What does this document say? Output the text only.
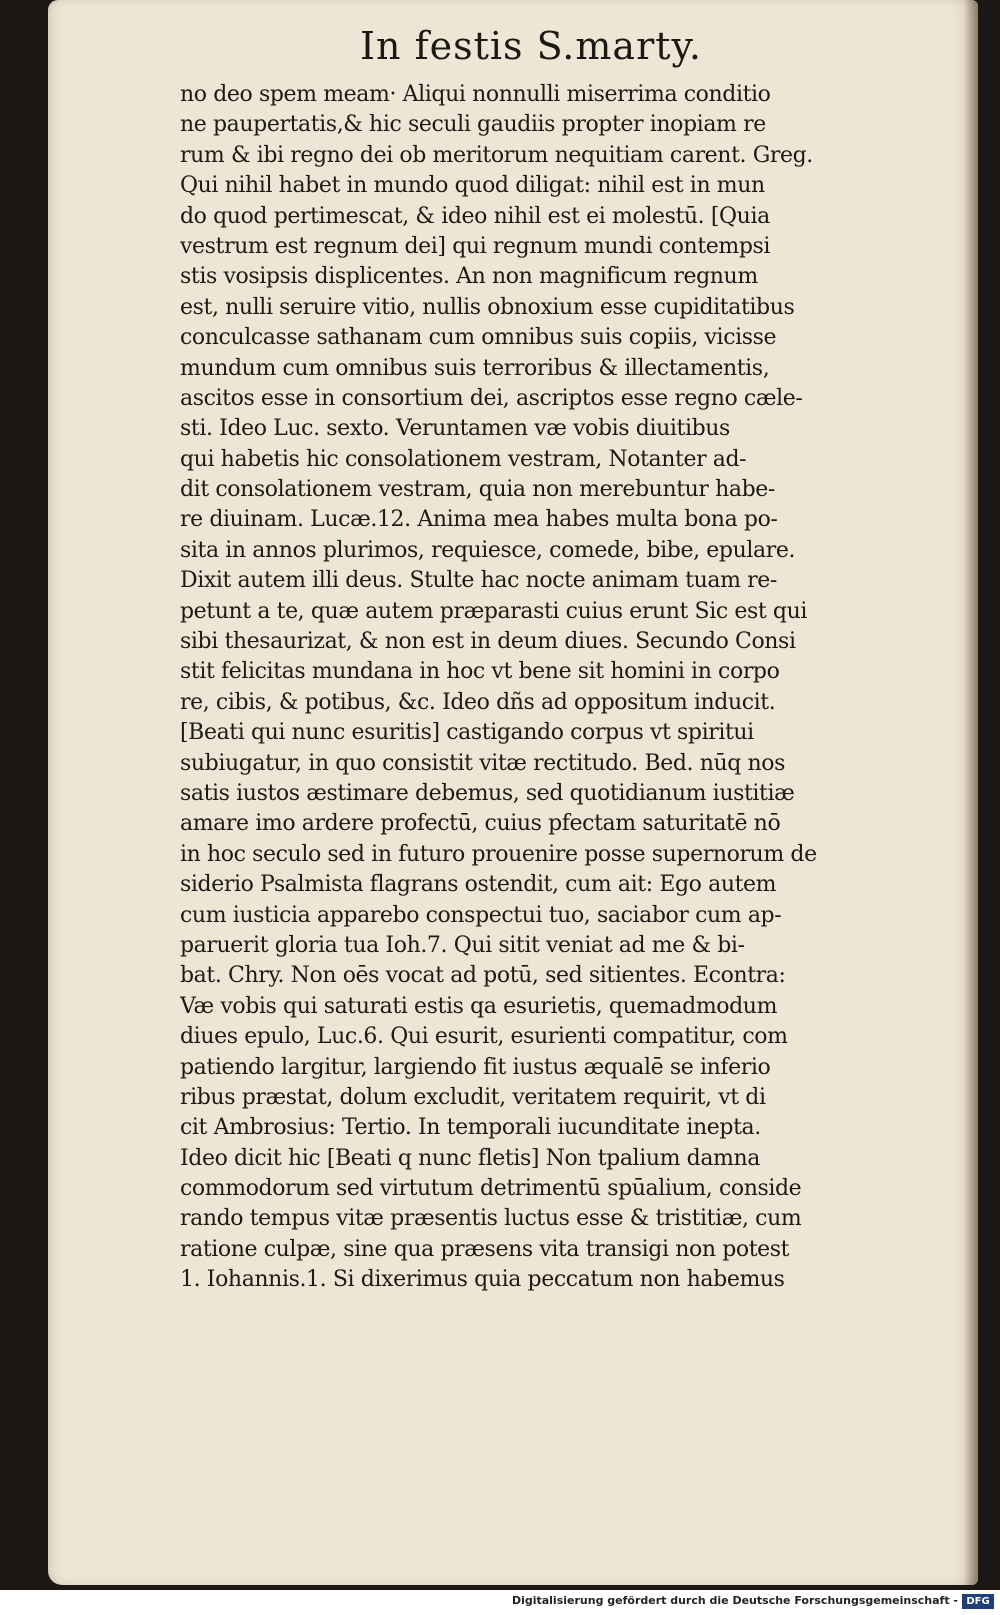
In festis S.marty.
no deo spem meam· Aliqui nonnulli miserrima conditio
ne paupertatis,& hic seculi gaudiis propter inopiam re
rum & ibi regno dei ob meritorum nequitiam carent. Greg.
Qui nihil habet in mundo quod diligat: nihil est in mun
do quod pertimescat, & ideo nihil est ei molestū. [Quia
vestrum est regnum dei] qui regnum mundi contempsi
stis vosipsis displicentes. An non magnificum regnum
est, nulli seruire vitio, nullis obnoxium esse cupiditatibus
conculcasse sathanam cum omnibus suis copiis, vicisse
mundum cum omnibus suis terroribus & illectamentis,
ascitos esse in consortium dei, ascriptos esse regno cæle-
sti. Ideo Luc. sexto. Veruntamen væ vobis diuitibus
qui habetis hic consolationem vestram, Notanter ad-
dit consolationem vestram, quia non merebuntur habe-
re diuinam. Lucæ.12. Anima mea habes multa bona po-
sita in annos plurimos, requiesce, comede, bibe, epulare.
Dixit autem illi deus. Stulte hac nocte animam tuam re-
petunt a te, quæ autem præparasti cuius erunt Sic est qui
sibi thesaurizat, & non est in deum diues. Secundo Consi
stit felicitas mundana in hoc vt bene sit homini in corpo
re, cibis, & potibus, &c. Ideo dñs ad oppositum inducit.
[Beati qui nunc esuritis] castigando corpus vt spiritui
subiugatur, in quo consistit vitæ rectitudo. Bed. nūq nos
satis iustos æstimare debemus, sed quotidianum iustitiæ
amare imo ardere profectū, cuius pfectam saturitatē nō
in hoc seculo sed in futuro prouenire posse supernorum de
siderio Psalmista flagrans ostendit, cum ait: Ego autem
cum iusticia apparebo conspectui tuo, saciabor cum ap-
paruerit gloria tua Ioh.7. Qui sitit veniat ad me & bi-
bat. Chry. Non oēs vocat ad potū, sed sitientes. Econtra:
Væ vobis qui saturati estis qa esurietis, quemadmodum
diues epulo, Luc.6. Qui esurit, esurienti compatitur, com
patiendo largitur, largiendo fit iustus æqualē se inferio
ribus præstat, dolum excludit, veritatem requirit, vt di
cit Ambrosius: Tertio. In temporali iucunditate inepta.
Ideo dicit hic [Beati q nunc fletis] Non tpalium damna
commodorum sed virtutum detrimentū spūalium, conside
rando tempus vitæ præsentis luctus esse & tristitiæ, cum
ratione culpæ, sine qua præsens vita transigi non potest
1. Iohannis.1. Si dixerimus quia peccatum non habemus
Digitalisierung gefördert durch die Deutsche Forschungsgemeinschaft - DFG
